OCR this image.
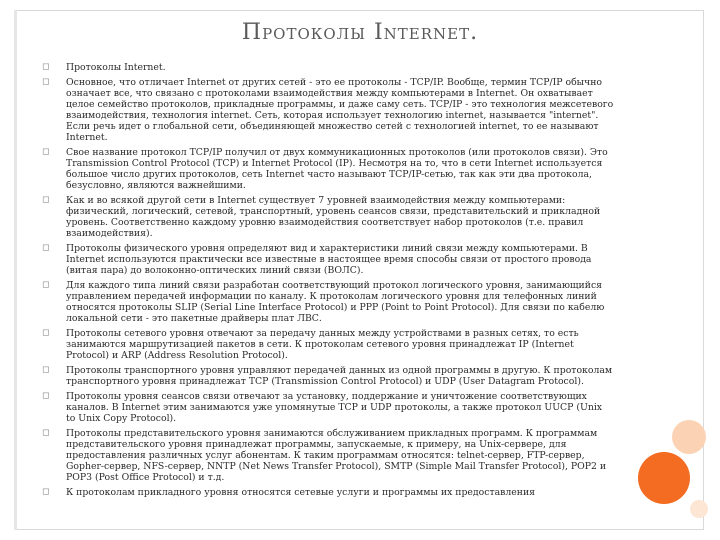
Протоколы Internet.
◻ Протоколы Internet.
◻ Основное, что отличает Internet от других сетей - это ее протоколы - TCP/IP. Вообще, термин TCP/IP обычно означает все, что связано с протоколами взаимодействия между компьютерами в Internet. Он охватывает целое семейство протоколов, прикладные программы, и даже саму сеть. TCP/IP - это технология межсетевого взаимодействия, технология internet. Сеть, которая использует технологию internet, называется "internet". Если речь идет о глобальной сети, объединяющей множество сетей с технологией internet, то ее называют Internet.
◻ Свое название протокол TCP/IP получил от двух коммуникационных протоколов (или протоколов связи). Это Transmission Control Protocol (TCP) и Internet Protocol (IP). Несмотря на то, что в сети Internet используется большое число других протоколов, сеть Internet часто называют TCP/IP-сетью, так как эти два протокола, безусловно, являются важнейшими.
◻ Как и во всякой другой сети в Internet существует 7 уровней взаимодействия между компьютерами: физический, логический, сетевой, транспортный, уровень сеансов связи, представительский и прикладной уровень. Соответственно каждому уровню взаимодействия соответствует набор протоколов (т.е. правил взаимодействия).
◻ Протоколы физического уровня определяют вид и характеристики линий связи между компьютерами. В Internet используются практически все известные в настоящее время способы связи от простого провода (витая пара) до волоконно-оптических линий связи (ВОЛС).
◻ Для каждого типа линий связи разработан соответствующий протокол логического уровня, занимающийся управлением передачей информации по каналу. К протоколам логического уровня для телефонных линий относятся протоколы SLIP (Serial Line Interface Protocol) и PPP (Point to Point Protocol). Для связи по кабелю локальной сети - это пакетные драйверы плат ЛВС.
◻ Протоколы сетевого уровня отвечают за передачу данных между устройствами в разных сетях, то есть занимаются маршрутизацией пакетов в сети. К протоколам сетевого уровня принадлежат IP (Internet Protocol) и ARP (Address Resolution Protocol).
◻ Протоколы транспортного уровня управляют передачей данных из одной программы в другую. К протоколам транспортного уровня принадлежат TCP (Transmission Control Protocol) и UDP (User Datagram Protocol).
◻ Протоколы уровня сеансов связи отвечают за установку, поддержание и уничтожение соответствующих каналов. В Internet этим занимаются уже упомянутые TCP и UDP протоколы, а также протокол UUCP (Unix to Unix Copy Protocol).
◻ Протоколы представительского уровня занимаются обслуживанием прикладных программ. К программам представительского уровня принадлежат программы, запускаемые, к примеру, на Unix-сервере, для предоставления различных услуг абонентам. К таким программам относятся: telnet-сервер, FTP-сервер, Gopher-сервер, NFS-сервер, NNTP (Net News Transfer Protocol), SMTP (Simple Mail Transfer Protocol), POP2 и POP3 (Post Office Protocol) и т.д.
◻ К протоколам прикладного уровня относятся сетевые услуги и программы их предоставления
